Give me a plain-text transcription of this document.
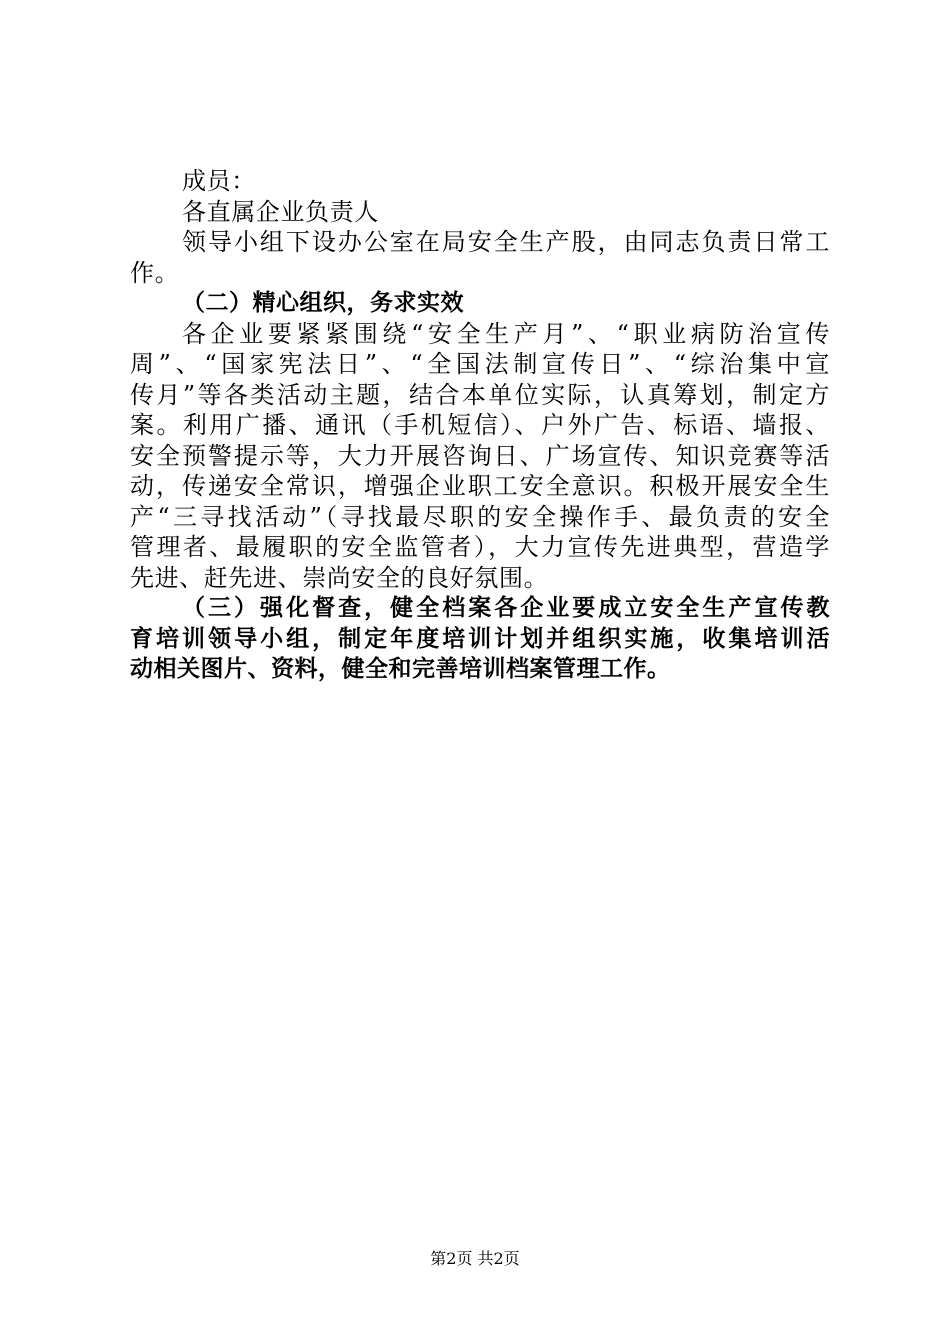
成员：

各直属企业负责人

领导小组下设办公室在局安全生产股，由同志负责日常工

作。

（二）精心组织，务求实效

各企业要紧紧围绕“安全生产月”、“职业病防治宣传

周”、“国家宪法日”、“全国法制宣传日”、“综治集中宣

传月”等各类活动主题，结合本单位实际，认真筹划，制定方

案。利用广播、通讯（手机短信）、户外广告、标语、墙报、

安全预警提示等，大力开展咨询日、广场宣传、知识竞赛等活

动，传递安全常识，增强企业职工安全意识。积极开展安全生

产“三寻找活动”（寻找最尽职的安全操作手、最负责的安全

管理者、最履职的安全监管者），大力宣传先进典型，营造学

先进、赶先进、崇尚安全的良好氛围。

（三）强化督查，健全档案各企业要成立安全生产宣传教

育培训领导小组，制定年度培训计划并组织实施，收集培训活

动相关图片、资料，健全和完善培训档案管理工作。

第2页 共2页
